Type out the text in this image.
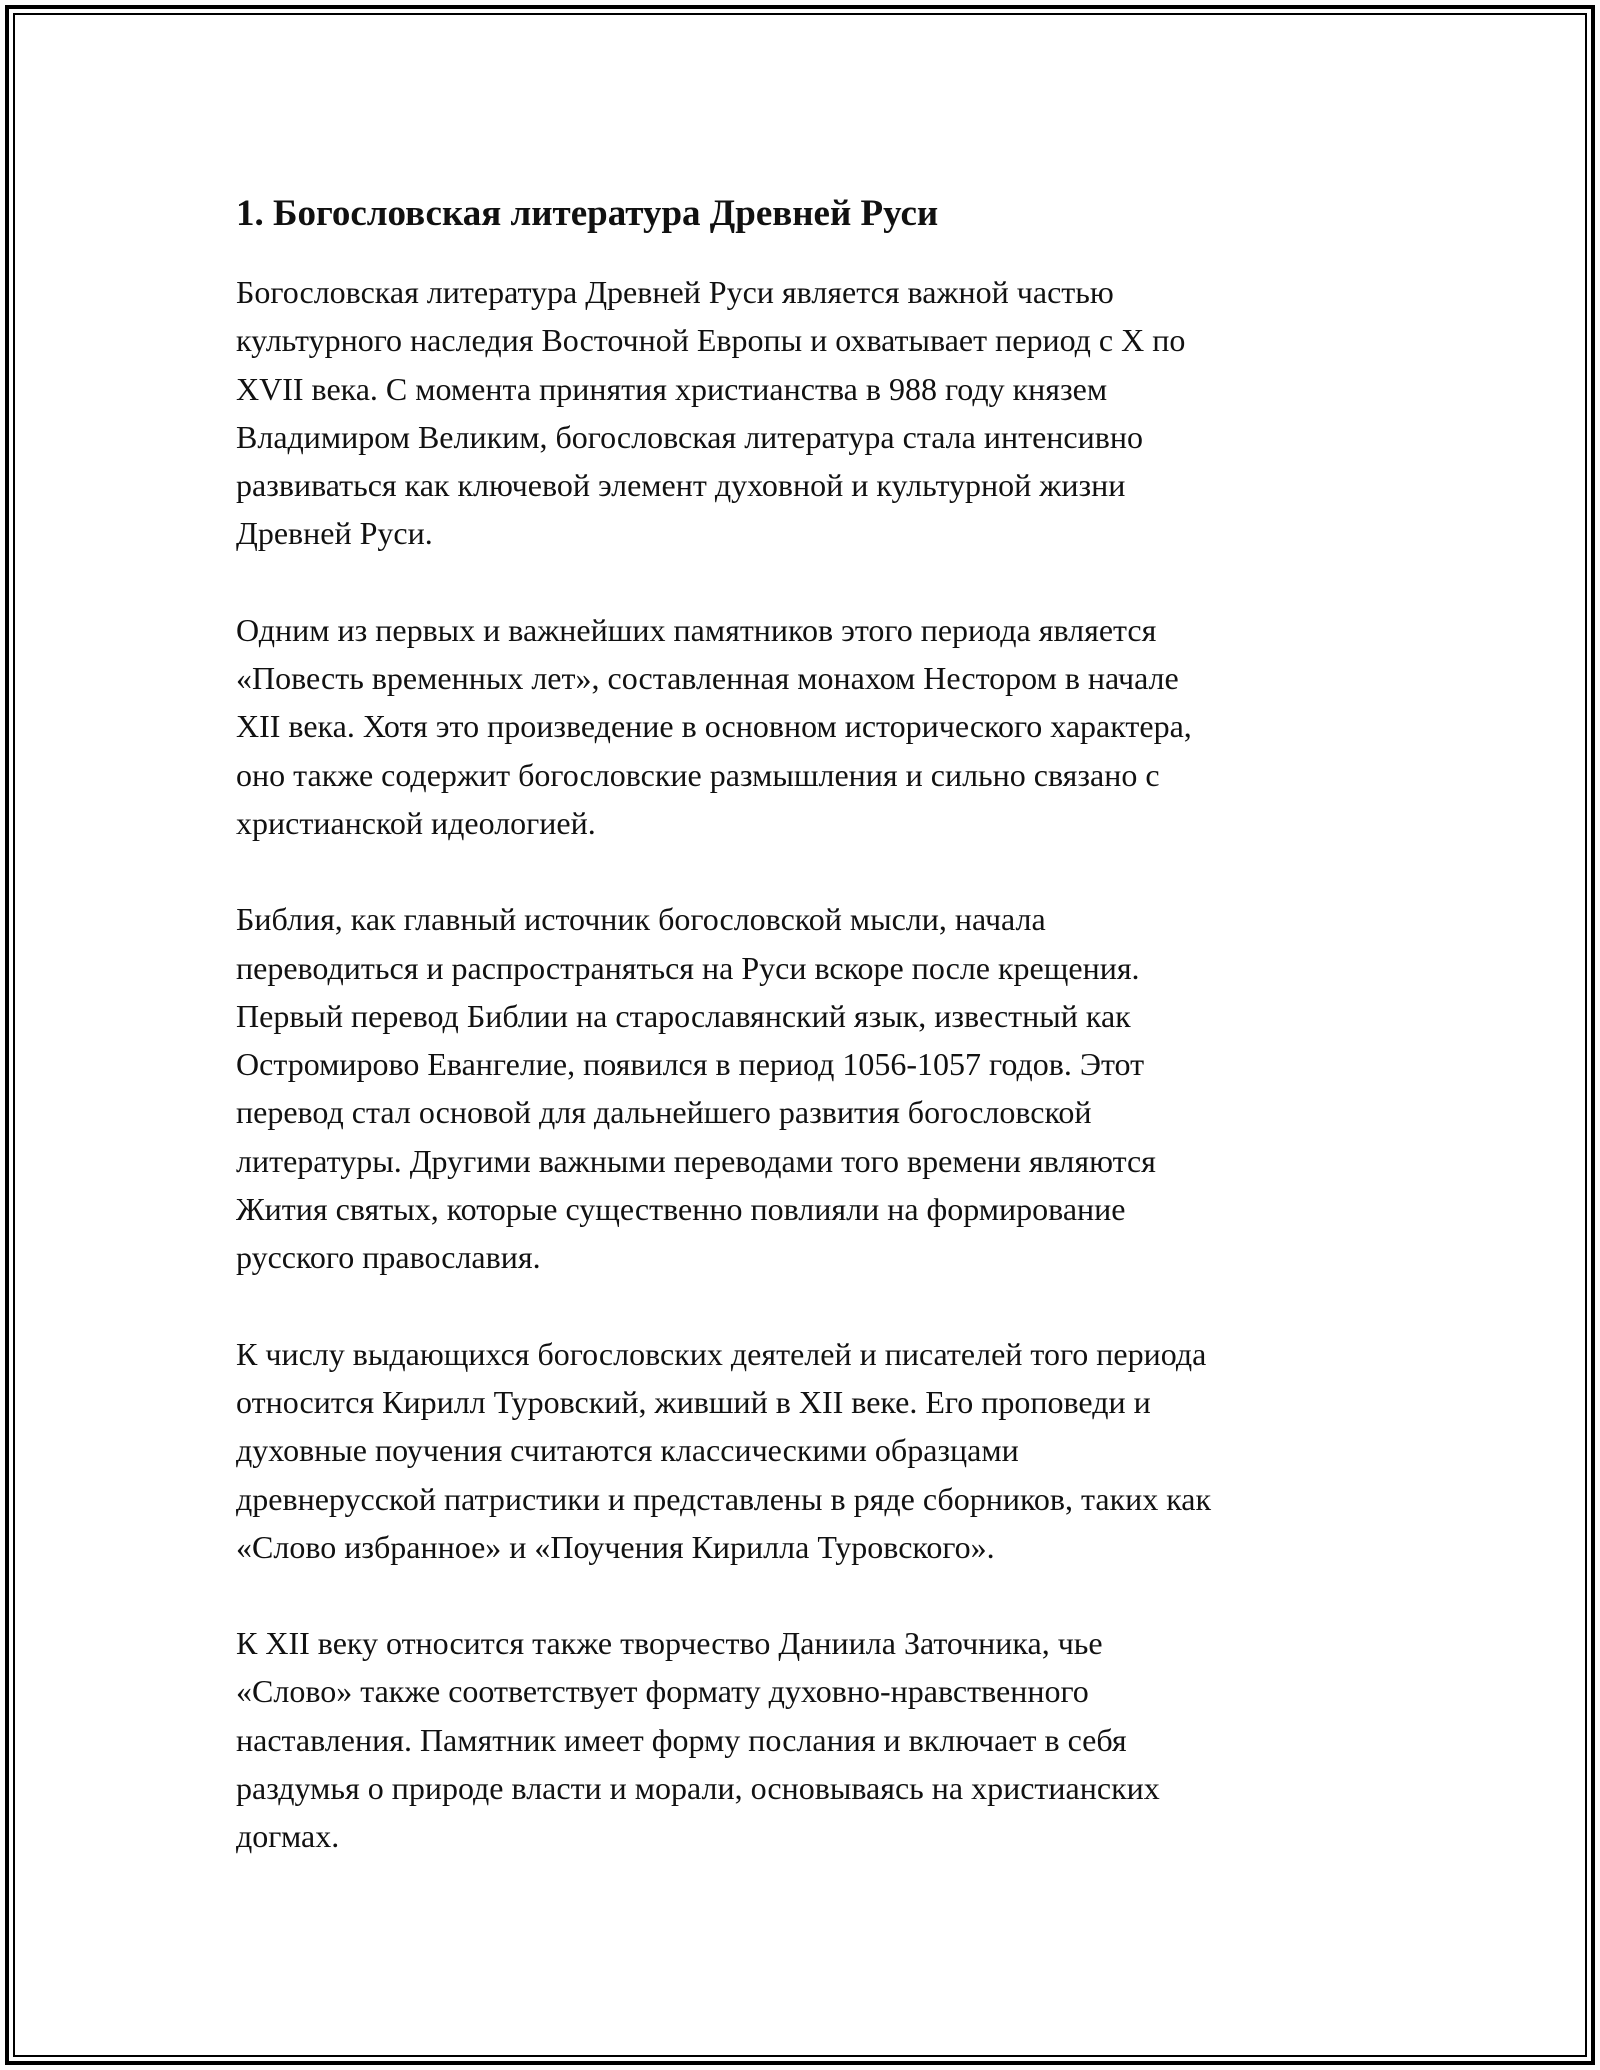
1. Богословская литература Древней Руси

Богословская литература Древней Руси является важной частью
культурного наследия Восточной Европы и охватывает период с X по
XVII века. С момента принятия христианства в 988 году князем
Владимиром Великим, богословская литература стала интенсивно
развиваться как ключевой элемент духовной и культурной жизни
Древней Руси.

Одним из первых и важнейших памятников этого периода является
«Повесть временных лет», составленная монахом Нестором в начале
XII века. Хотя это произведение в основном исторического характера,
оно также содержит богословские размышления и сильно связано с
христианской идеологией.

Библия, как главный источник богословской мысли, начала
переводиться и распространяться на Руси вскоре после крещения.
Первый перевод Библии на старославянский язык, известный как
Остромирово Евангелие, появился в период 1056-1057 годов. Этот
перевод стал основой для дальнейшего развития богословской
литературы. Другими важными переводами того времени являются
Жития святых, которые существенно повлияли на формирование
русского православия.

К числу выдающихся богословских деятелей и писателей того периода
относится Кирилл Туровский, живший в XII веке. Его проповеди и
духовные поучения считаются классическими образцами
древнерусской патристики и представлены в ряде сборников, таких как
«Слово избранное» и «Поучения Кирилла Туровского».

К XII веку относится также творчество Даниила Заточника, чье
«Слово» также соответствует формату духовно-нравственного
наставления. Памятник имеет форму послания и включает в себя
раздумья о природе власти и морали, основываясь на христианских
догмах.
